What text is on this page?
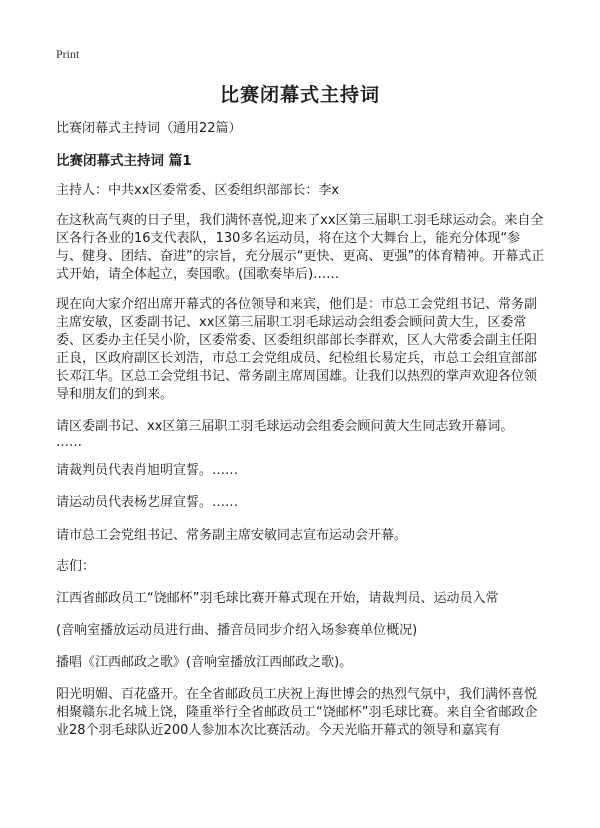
Print
比赛闭幕式主持词

比赛闭幕式主持词（通用22篇）

比赛闭幕式主持词 篇1

主持人：中共xx区委常委、区委组织部部长：李x

在这秋高气爽的日子里，我们满怀喜悦,迎来了xx区第三届职工羽毛球运动会。来自全区各行各业的16支代表队，130多名运动员，将在这个大舞台上，能充分体现“参与、健身、团结、奋进”的宗旨，充分展示“更快、更高、更强”的体育精神。开幕式正式开始，请全体起立，奏国歌。(国歌奏毕后)……

现在向大家介绍出席开幕式的各位领导和来宾，他们是：市总工会党组书记、常务副主席安敏，区委副书记、xx区第三届职工羽毛球运动会组委会顾问黄大生，区委常委、区委办主任吴小阶，区委常委、区委组织部部长李群欢，区人大常委会副主任阳正良，区政府副区长刘浩，市总工会党组成员、纪检组长易定兵，市总工会组宣部部长邓江华。区总工会党组书记、常务副主席周国雄。让我们以热烈的掌声欢迎各位领导和朋友们的到来。

请区委副书记、xx区第三届职工羽毛球运动会组委会顾问黄大生同志致开幕词。

……

请裁判员代表肖旭明宣誓。……

请运动员代表杨艺屏宣誓。……

请市总工会党组书记、常务副主席安敏同志宣布运动会开幕。

志们：

江西省邮政员工“饶邮杯”羽毛球比赛开幕式现在开始，请裁判员、运动员入常

(音响室播放运动员进行曲、播音员同步介绍入场参赛单位概况)

播唱《江西邮政之歌》(音响室播放江西邮政之歌)。

阳光明媚、百花盛开。在全省邮政员工庆祝上海世博会的热烈气氛中，我们满怀喜悦相聚赣东北名城上饶，隆重举行全省邮政员工“饶邮杯”羽毛球比赛。来自全省邮政企业28个羽毛球队近200人参加本次比赛活动。今天光临开幕式的领导和嘉宾有
